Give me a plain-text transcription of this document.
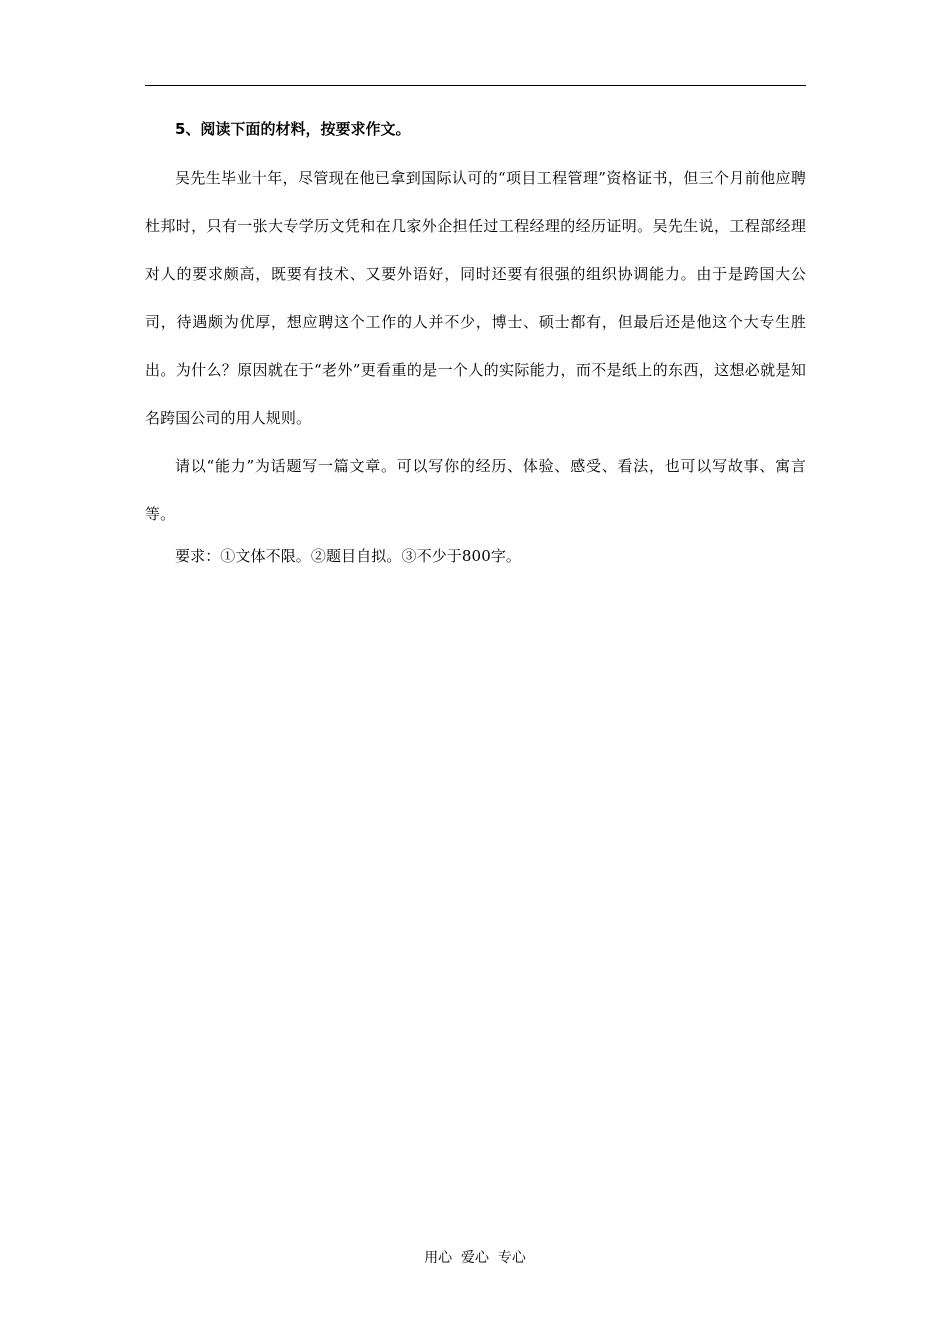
5、阅读下面的材料，按要求作文。

吴先生毕业十年，尽管现在他已拿到国际认可的“项目工程管理”资格证书，但三个月前他应聘杜邦时，只有一张大专学历文凭和在几家外企担任过工程经理的经历证明。吴先生说，工程部经理对人的要求颇高，既要有技术、又要外语好，同时还要有很强的组织协调能力。由于是跨国大公司，待遇颇为优厚，想应聘这个工作的人并不少，博士、硕士都有，但最后还是他这个大专生胜出。为什么？原因就在于“老外”更看重的是一个人的实际能力，而不是纸上的东西，这想必就是知名跨国公司的用人规则。

请以“能力”为话题写一篇文章。可以写你的经历、体验、感受、看法，也可以写故事、寓言等。

要求：①文体不限。②题目自拟。③不少于800字。

用心  爱心  专心
